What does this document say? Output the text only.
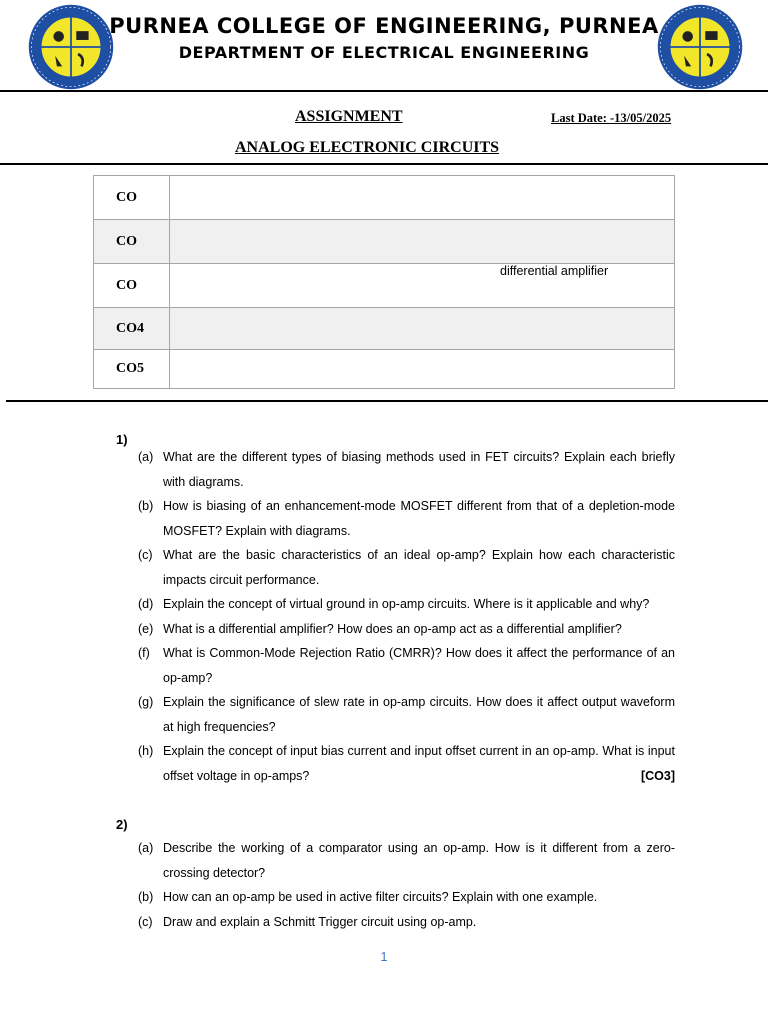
PURNEA COLLEGE OF ENGINEERING, PURNEA
DEPARTMENT OF ELECTRICAL ENGINEERING
ASSIGNMENT	Last Date: -13/05/2025
ANALOG ELECTRONIC CIRCUITS
CO	
CO	
CO	differential amplifier

CO4	
CO5	
1)
(a) What are the different types of biasing methods used in FET circuits? Explain each briefly with diagrams.
(b) How is biasing of an enhancement-mode MOSFET different from that of a depletion-mode MOSFET? Explain with diagrams.
(c) What are the basic characteristics of an ideal op-amp? Explain how each characteristic impacts circuit performance.
(d) Explain the concept of virtual ground in op-amp circuits. Where is it applicable and why?
(e) What is a differential amplifier? How does an op-amp act as a differential amplifier?
(f)	What is Common-Mode Rejection Ratio (CMRR)? How does it affect the performance of an op-amp?
(g) Explain the significance of slew rate in op-amp circuits. How does it affect output waveform at high frequencies?
(h) Explain the concept of input bias current and input offset current in an op-amp. What is input offset voltage in op-amps?	[CO3]
2)
(a) Describe the working of a comparator using an op-amp. How is it different from a zero-crossing detector?
(b) How can an op-amp be used in active filter circuits? Explain with one example.
(c) Draw and explain a Schmitt Trigger circuit using op-amp.
1
